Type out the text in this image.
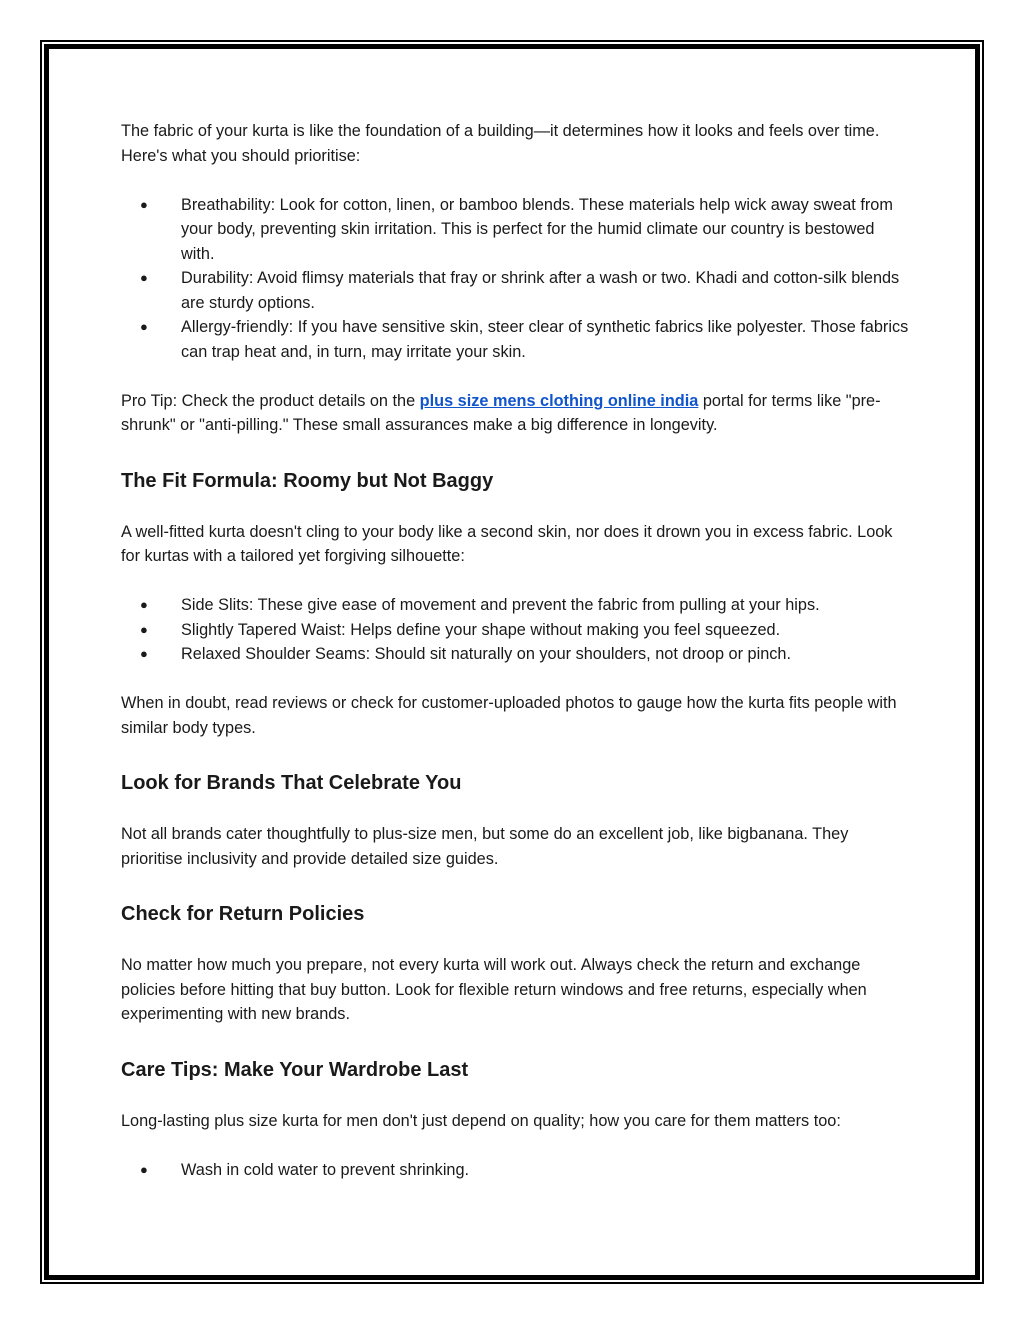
The fabric of your kurta is like the foundation of a building—it determines how it looks and feels over time. Here's what you should prioritise:

● Breathability: Look for cotton, linen, or bamboo blends. These materials help wick away sweat from your body, preventing skin irritation. This is perfect for the humid climate our country is bestowed with.
● Durability: Avoid flimsy materials that fray or shrink after a wash or two. Khadi and cotton-silk blends are sturdy options.
● Allergy-friendly: If you have sensitive skin, steer clear of synthetic fabrics like polyester. Those fabrics can trap heat and, in turn, may irritate your skin.

Pro Tip: Check the product details on the plus size mens clothing online india portal for terms like "pre-shrunk" or "anti-pilling." These small assurances make a big difference in longevity.

The Fit Formula: Roomy but Not Baggy

A well-fitted kurta doesn't cling to your body like a second skin, nor does it drown you in excess fabric. Look for kurtas with a tailored yet forgiving silhouette:

● Side Slits: These give ease of movement and prevent the fabric from pulling at your hips.
● Slightly Tapered Waist: Helps define your shape without making you feel squeezed.
● Relaxed Shoulder Seams: Should sit naturally on your shoulders, not droop or pinch.

When in doubt, read reviews or check for customer-uploaded photos to gauge how the kurta fits people with similar body types.

Look for Brands That Celebrate You

Not all brands cater thoughtfully to plus-size men, but some do an excellent job, like bigbanana. They prioritise inclusivity and provide detailed size guides.

Check for Return Policies

No matter how much you prepare, not every kurta will work out. Always check the return and exchange policies before hitting that buy button. Look for flexible return windows and free returns, especially when experimenting with new brands.

Care Tips: Make Your Wardrobe Last

Long-lasting plus size kurta for men don't just depend on quality; how you care for them matters too:

● Wash in cold water to prevent shrinking.
